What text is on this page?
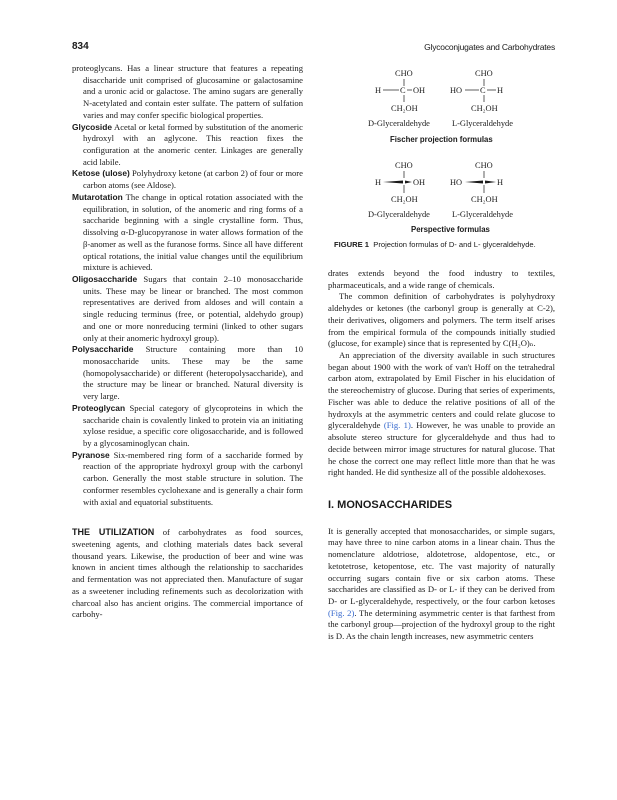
834	Glycoconjugates and Carbohydrates

proteoglycans. Has a linear structure that features a repeating disaccharide unit comprised of glucosamine or galactosamine and a uronic acid or galactose. The amino sugars are generally N-acetylated and contain ester sulfate. The pattern of sulfation varies and may confer specific biological properties.

Glycoside Acetal or ketal formed by substitution of the anomeric hydroxyl with an aglycone. This reaction fixes the configuration at the anomeric center. Linkages are generally acid labile.

Ketose (ulose) Polyhydroxy ketone (at carbon 2) of four or more carbon atoms (see Aldose).

Mutarotation The change in optical rotation associated with the equilibration, in solution, of the anomeric and ring forms of a saccharide beginning with a single crystalline form. Thus, dissolving α-D-glucopyranose in water allows formation of the β-anomer as well as the furanose forms. Since all have different optical rotations, the initial value changes until the equilibrium mixture is achieved.

Oligosaccharide Sugars that contain 2–10 monosaccharide units. These may be linear or branched. The most common representatives are derived from aldoses and will contain a single reducing terminus (free, or potential, aldehydo group) and one or more nonreducing termini (linked to other sugars only at their anomeric hydroxyl group).

Polysaccharide Structure containing more than 10 monosaccharide units. These may be the same (homopolysaccharide) or different (heteropolysaccharide), and the structure may be linear or branched. Natural diversity is very large.

Proteoglycan Special category of glycoproteins in which the saccharide chain is covalently linked to protein via an initiating xylose residue, a specific core oligosaccharide, and is followed by a glycosaminoglycan chain.

Pyranose Six-membered ring form of a saccharide formed by reaction of the appropriate hydroxyl group with the carbonyl carbon. Generally the most stable structure in solution. The conformer resembles cyclohexane and is generally a chair form with axial and equatorial substituents.

THE UTILIZATION of carbohydrates as food sources, sweetening agents, and clothing materials dates back several thousand years. Likewise, the production of beer and wine was known in ancient times although the relationship to saccharides and fermentation was not appreciated then. Manufacture of sugar as a sweetener including refinements such as decolorization with charcoal also has ancient origins. The commercial importance of carbohy-

CHO
H C OH
CH₂OH
D-Glyceraldehyde
CHO
HO C H
CH₂OH
L-Glyceraldehyde
Fischer projection formulas
CHO
H	OH
CH₂OH
D-Glyceraldehyde
CHO
HO	H
CH₂OH
L-Glyceraldehyde
Perspective formulas
FIGURE 1 Projection formulas of D- and L- glyceraldehyde.

drates extends beyond the food industry to textiles, pharmaceuticals, and a wide range of chemicals.

The common definition of carbohydrates is polyhydroxy aldehydes or ketones (the carbonyl group is generally at C-2), their derivatives, oligomers and polymers. The term itself arises from the empirical formula of the compounds initially studied (glucose, for example) since that is represented by C(H₂O)ₙ.

An appreciation of the diversity available in such structures began about 1900 with the work of van't Hoff on the tetrahedral carbon atom, extrapolated by Emil Fischer in his elucidation of the stereochemistry of glucose. During that series of experiments, Fischer was able to deduce the relative positions of all of the hydroxyls at the asymmetric centers and could relate glucose to glyceraldehyde (Fig. 1). However, he was unable to provide an absolute stereo structure for glyceraldehyde and thus had to decide between mirror image structures for natural glucose. That he chose the correct one may reflect little more than that he was right handed. He did synthesize all of the possible aldohexoses.

I. MONOSACCHARIDES

It is generally accepted that monosaccharides, or simple sugars, may have three to nine carbon atoms in a linear chain. Thus the nomenclature aldotriose, aldotetrose, aldopentose, etc., or ketotetrose, ketopentose, etc. The vast majority of naturally occurring sugars contain five or six carbon atoms. These saccharides are classified as D- or L- if they can be derived from D- or L-glyceraldehyde, respectively, or the four carbon ketoses (Fig. 2). The determining asymmetric center is that farthest from the carbonyl group—projection of the hydroxyl group to the right is D. As the chain length increases, new asymmetric centers
